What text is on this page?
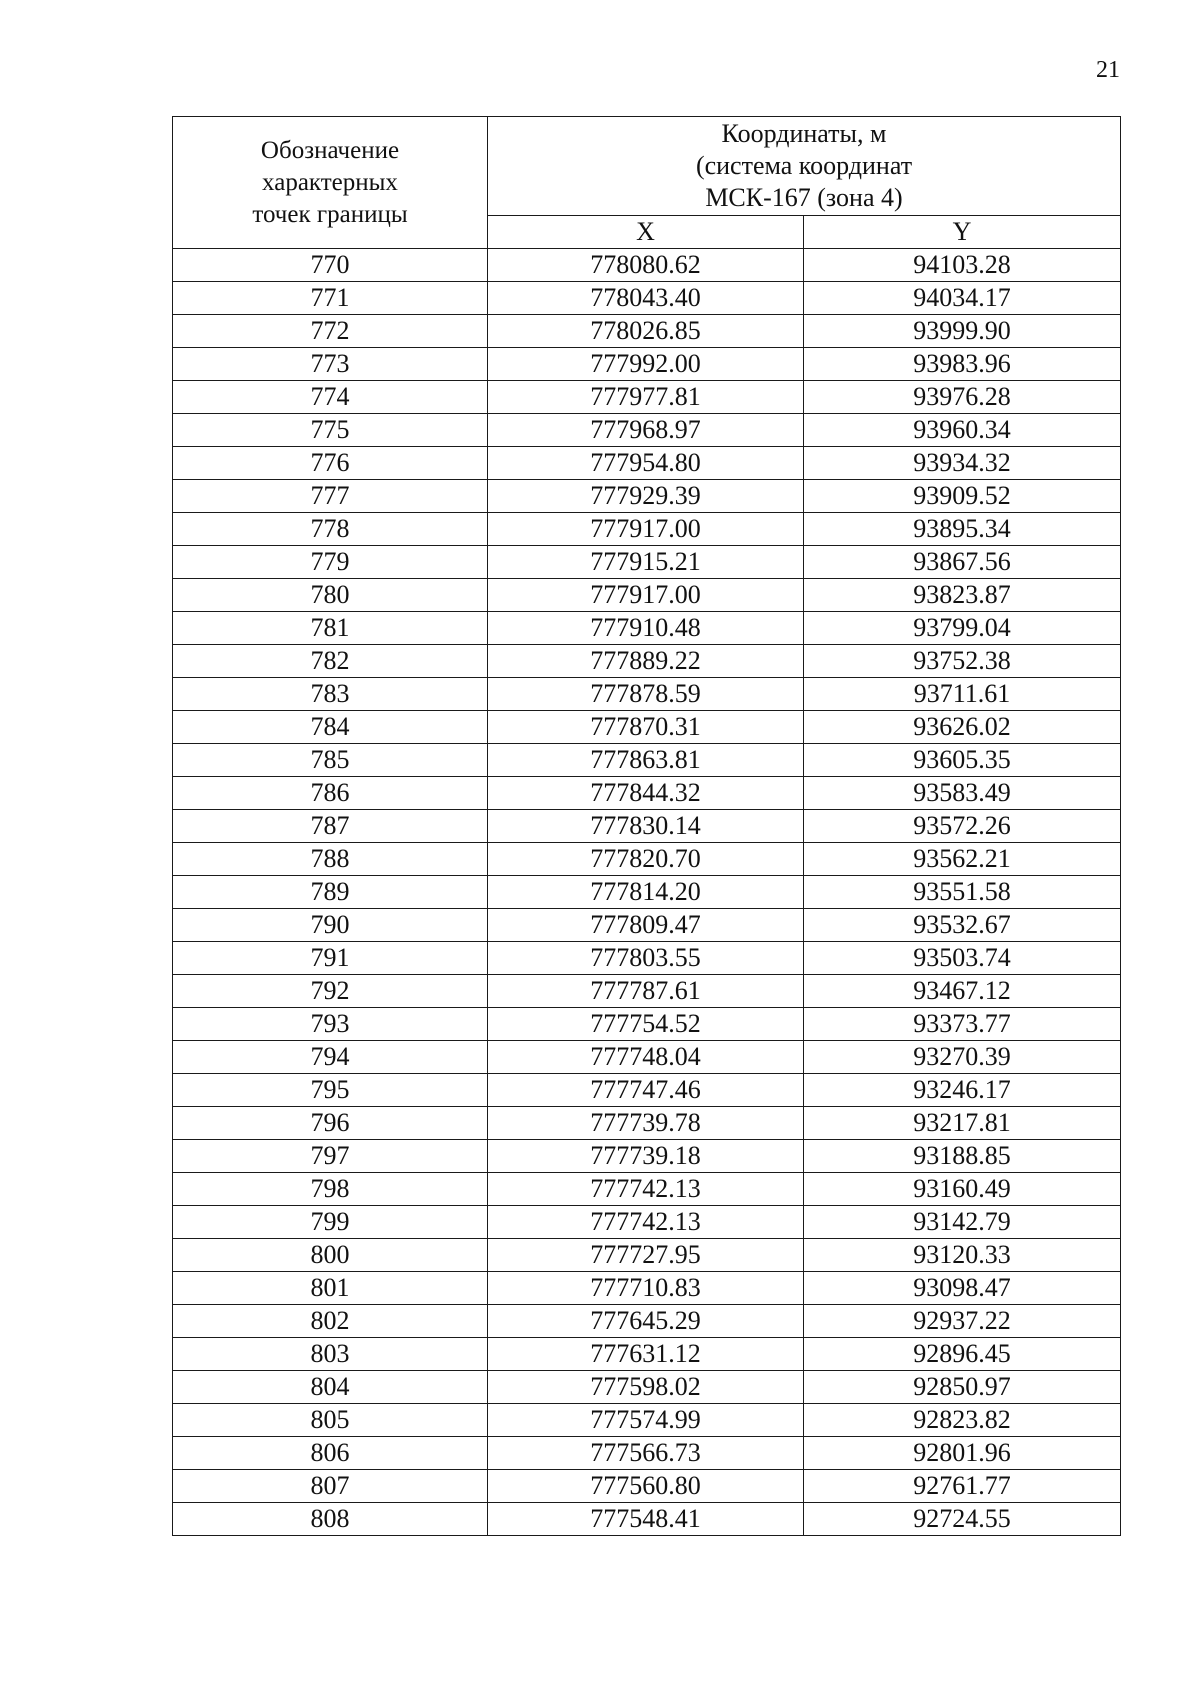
21
Обозначение
характерных
точек границы	Координаты, м
(система координат
МСК-167 (зона 4)	

	X	Y
770	778080.62	94103.28
771	778043.40	94034.17
772	778026.85	93999.90
773	777992.00	93983.96
774	777977.81	93976.28
775	777968.97	93960.34
776	777954.80	93934.32
777	777929.39	93909.52
778	777917.00	93895.34
779	777915.21	93867.56
780	777917.00	93823.87
781	777910.48	93799.04
782	777889.22	93752.38
783	777878.59	93711.61
784	777870.31	93626.02
785	777863.81	93605.35
786	777844.32	93583.49
787	777830.14	93572.26
788	777820.70	93562.21
789	777814.20	93551.58
790	777809.47	93532.67
791	777803.55	93503.74
792	777787.61	93467.12
793	777754.52	93373.77
794	777748.04	93270.39
795	777747.46	93246.17
796	777739.78	93217.81
797	777739.18	93188.85
798	777742.13	93160.49
799	777742.13	93142.79
800	777727.95	93120.33
801	777710.83	93098.47
802	777645.29	92937.22
803	777631.12	92896.45
804	777598.02	92850.97
805	777574.99	92823.82
806	777566.73	92801.96
807	777560.80	92761.77
808	777548.41	92724.55
